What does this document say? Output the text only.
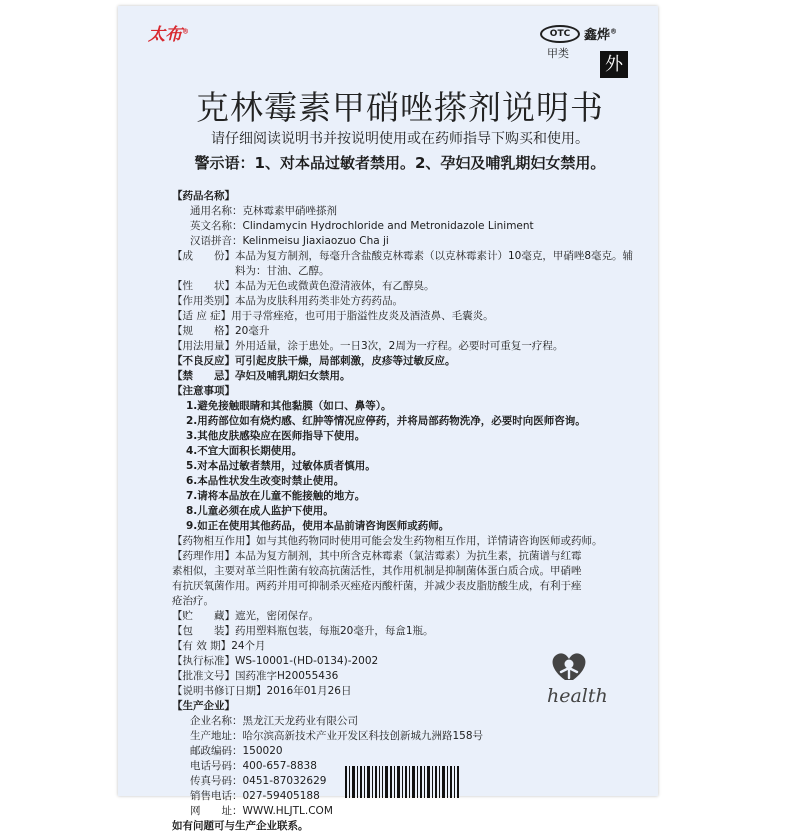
太布®	OTC
甲类
鑫烨®
外
克林霉素甲硝唑搽剂说明书
请仔细阅读说明书并按说明使用或在药师指导下购买和使用。
警示语：1、对本品过敏者禁用。2、孕妇及哺乳期妇女禁用。
【药品名称】
通用名称： 克林霉素甲硝唑搽剂
英文名称： Clindamycin Hydrochloride and Metronidazole Liniment
汉语拼音： Kelinmeisu Jiaxiaozuo Cha ji
【成　　份】 本品为复方制剂，每毫升含盐酸克林霉素（以克林霉素计）10毫克，甲硝唑8毫克。辅料为：甘油、乙醇。
【性　　状】 本品为无色或微黄色澄清液体，有乙醇臭。
【作用类别】 本品为皮肤科用药类非处方药药品。
【适 应 症】 用于寻常痤疮，也可用于脂溢性皮炎及酒渣鼻、毛囊炎。
【规　　格】 20毫升
【用法用量】 外用适量，涂于患处。一日3次，2周为一疗程。必要时可重复一疗程。
【不良反应】 可引起皮肤干燥，局部刺激，皮疹等过敏反应。
【禁　　忌】 孕妇及哺乳期妇女禁用。
【注意事项】
1.避免接触眼睛和其他黏膜（如口、鼻等）。
2.用药部位如有烧灼感、红肿等情况应停药，并将局部药物洗净，必要时向医师咨询。
3.其他皮肤感染应在医师指导下使用。
4.不宜大面积长期使用。
5.对本品过敏者禁用，过敏体质者慎用。
6.本品性状发生改变时禁止使用。
7.请将本品放在儿童不能接触的地方。
8.儿童必须在成人监护下使用。
9.如正在使用其他药品，使用本品前请咨询医师或药师。
【药物相互作用】 如与其他药物同时使用可能会发生药物相互作用，详情请咨询医师或药师。
【药理作用】本品为复方制剂，其中所含克林霉素（氯洁霉素）为抗生素，抗菌谱与红霉
素相似，主要对革兰阳性菌有较高抗菌活性，其作用机制是抑制菌体蛋白质合成。甲硝唑
有抗厌氧菌作用。两药并用可抑制杀灭痤疮丙酸杆菌，并减少表皮脂肪酸生成，有利于痤
疮治疗。
【贮　　藏】 遮光，密闭保存。
【包　　装】 药用塑料瓶包装，每瓶20毫升，每盒1瓶。
【有 效 期】 24个月
【执行标准】 WS-10001-(HD-0134)-2002
【批准文号】 国药准字H20055436
【说明书修订日期】 2016年01月26日
【生产企业】
企业名称： 黑龙江天龙药业有限公司
生产地址： 哈尔滨高新技术产业开发区科技创新城九洲路158号
邮政编码： 150020
电话号码： 400-657-8838
传真号码： 0451-87032629
销售电话： 027-59405188
网　　址： WWW.HLJTL.COM
如有问题可与生产企业联系。
health
